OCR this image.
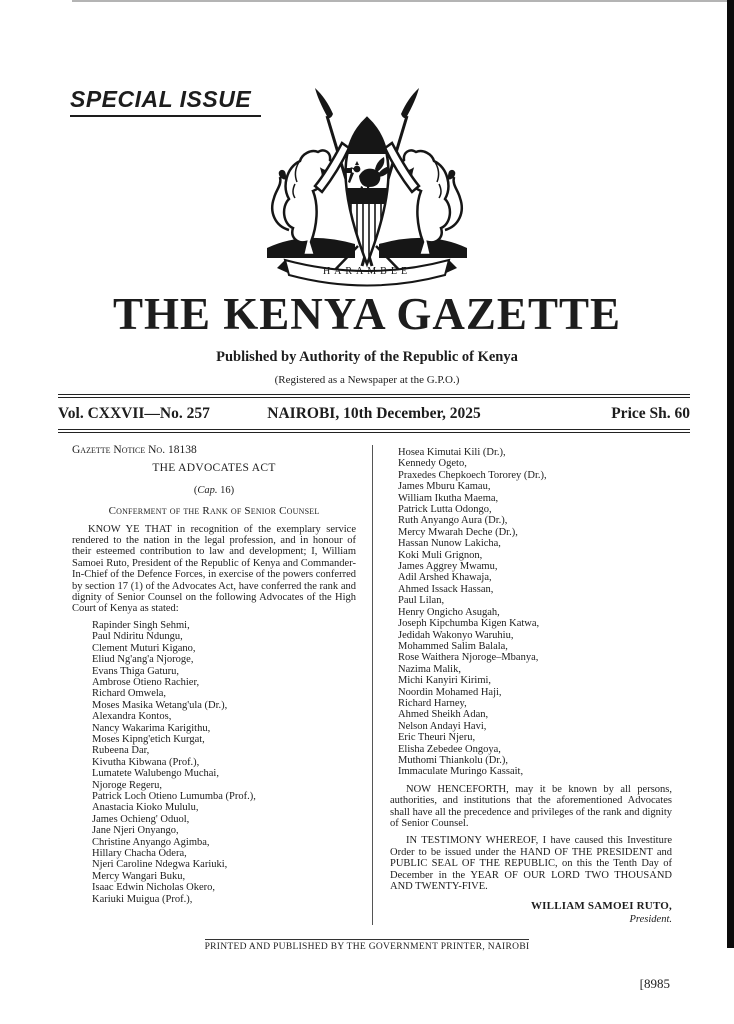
SPECIAL ISSUE
HARAMBEE
THE KENYA GAZETTE
Published by Authority of the Republic of Kenya
(Registered as a Newspaper at the G.P.O.)
Vol. CXXVII—No. 257	NAIROBI, 10th December, 2025	Price Sh. 60
Gazette Notice No. 18138
THE ADVOCATES ACT
(Cap. 16)
Conferment of the Rank of Senior Counsel
KNOW YE THAT in recognition of the exemplary service rendered to the nation in the legal profession, and in honour of their esteemed contribution to law and development; I, William Samoei Ruto, President of the Republic of Kenya and Commander- In-Chief of the Defence Forces, in exercise of the powers conferred by section 17 (1) of the Advocates Act, have conferred the rank and dignity of Senior Counsel on the following Advocates of the High Court of Kenya as stated:
Rapinder Singh Sehmi,
Paul Ndiritu Ndungu,
Clement Muturi Kigano,
Eliud Ng'ang'a Njoroge,
Evans Thiga Gaturu,
Ambrose Otieno Rachier,
Richard Omwela,
Moses Masika Wetang'ula (Dr.),
Alexandra Kontos,
Nancy Wakarima Karigithu,
Moses Kipng'etich Kurgat,
Rubeena Dar,
Kivutha Kibwana (Prof.),
Lumatete Walubengo Muchai,
Njoroge Regeru,
Patrick Loch Otieno Lumumba (Prof.),
Anastacia Kioko Mululu,
James Ochieng' Oduol,
Jane Njeri Onyango,
Christine Anyango Agimba,
Hillary Chacha Odera,
Njeri Caroline Ndegwa Kariuki,
Mercy Wangari Buku,
Isaac Edwin Nicholas Okero,
Kariuki Muigua (Prof.),
Hosea Kimutai Kili (Dr.),
Kennedy Ogeto,
Praxedes Chepkoech Tororey (Dr.),
James Mburu Kamau,
William Ikutha Maema,
Patrick Lutta Odongo,
Ruth Anyango Aura (Dr.),
Mercy Mwarah Deche (Dr.),
Hassan Nunow Lakicha,
Koki Muli Grignon,
James Aggrey Mwamu,
Adil Arshed Khawaja,
Ahmed Issack Hassan,
Paul Lilan,
Henry Ongicho Asugah,
Joseph Kipchumba Kigen Katwa,
Jedidah Wakonyo Waruhiu,
Mohammed Salim Balala,
Rose Waithera Njoroge–Mbanya,
Nazima Malik,
Michi Kanyiri Kirimi,
Noordin Mohamed Haji,
Richard Harney,
Ahmed Sheikh Adan,
Nelson Andayi Havi,
Eric Theuri Njeru,
Elisha Zebedee Ongoya,
Muthomi Thiankolu (Dr.),
Immaculate Muringo Kassait,
NOW HENCEFORTH, may it be known by all persons, authorities, and institutions that the aforementioned Advocates shall have all the precedence and privileges of the rank and dignity of Senior Counsel.
IN TESTIMONY WHEREOF, I have caused this Investiture Order to be issued under the HAND OF THE PRESIDENT and PUBLIC SEAL OF THE REPUBLIC, on this the Tenth Day of December in the YEAR OF OUR LORD TWO THOUSAND AND TWENTY-FIVE.
WILLIAM SAMOEI RUTO,
President.
PRINTED AND PUBLISHED BY THE GOVERNMENT PRINTER, NAIROBI
[8985
